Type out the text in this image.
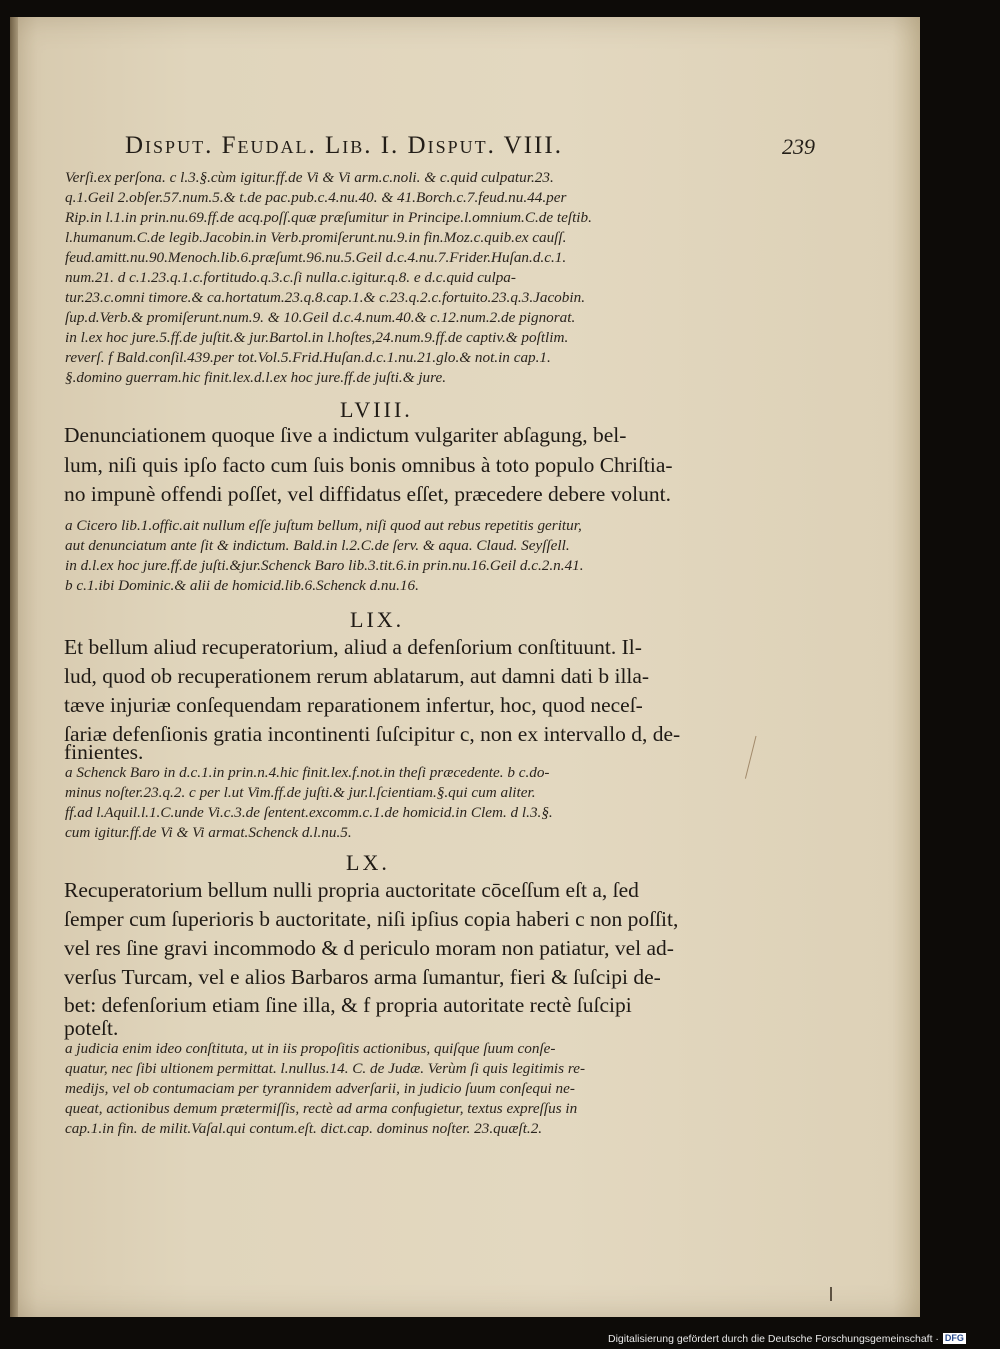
Disput. Feudal. Lib. I. Disput. VIII.	239
Verſi.ex perſona. c l.3.§.cùm igitur.ff.de Vi & Vi arm.c.noli. & c.quid culpatur.23.
q.1.Geil 2.obſer.57.num.5.& t.de pac.pub.c.4.nu.40. & 41.Borch.c.7.feud.nu.44.per
Rip.in l.1.in prin.nu.69.ff.de acq.poſſ.quæ præſumitur in Principe.l.omnium.C.de teſtib.
l.humanum.C.de legib.Jacobin.in Verb.promiſerunt.nu.9.in fin.Moz.c.quib.ex cauſſ.
feud.amitt.nu.90.Menoch.lib.6.præſumt.96.nu.5.Geil d.c.4.nu.7.Frider.Huſan.d.c.1.
num.21. d c.1.23.q.1.c.fortitudo.q.3.c.ſi nulla.c.igitur.q.8. e d.c.quid culpa-
tur.23.c.omni timore.& ca.hortatum.23.q.8.cap.1.& c.23.q.2.c.fortuito.23.q.3.Jacobin.
ſup.d.Verb.& promiſerunt.num.9. & 10.Geil d.c.4.num.40.& c.12.num.2.de pignorat.
in l.ex hoc jure.5.ff.de juſtit.& jur.Bartol.in l.hoſtes,24.num.9.ff.de captiv.& poſtlim.
reverſ. f Bald.conſil.439.per tot.Vol.5.Frid.Huſan.d.c.1.nu.21.glo.& not.in cap.1.
§.domino guerram.hic finit.lex.d.l.ex hoc jure.ff.de juſti.& jure.
LVIII.
Denunciationem quoque ſive a indictum vulgariter abſagung, bel-
lum, niſi quis ipſo facto cum ſuis bonis omnibus à toto populo Chriſtia-
no impunè offendi poſſet, vel diffidatus eſſet, præcedere debere volunt.
a Cicero lib.1.offic.ait nullum eſſe juſtum bellum, niſi quod aut rebus repetitis geritur,
aut denunciatum ante ſit & indictum. Bald.in l.2.C.de ſerv. & aqua. Claud. Seyſſell.
in d.l.ex hoc jure.ff.de juſti.&jur.Schenck Baro lib.3.tit.6.in prin.nu.16.Geil d.c.2.n.41.
b c.1.ibi Dominic.& alii de homicid.lib.6.Schenck d.nu.16.
LIX.
Et bellum aliud recuperatorium, aliud a defenſorium conſtituunt. Il-
lud, quod ob recuperationem rerum ablatarum, aut damni dati b illa-
tæve injuriæ conſequendam reparationem infertur, hoc, quod neceſ-
ſariæ defenſionis gratia incontinenti ſuſcipitur c, non ex intervallo d, de-
finientes.
a Schenck Baro in d.c.1.in prin.n.4.hic finit.lex.f.not.in theſi præcedente. b c.do-
minus noſter.23.q.2. c per l.ut Vim.ff.de juſti.& jur.l.ſcientiam.§.qui cum aliter.
ff.ad l.Aquil.l.1.C.unde Vi.c.3.de ſentent.excomm.c.1.de homicid.in Clem. d l.3.§.
cum igitur.ff.de Vi & Vi armat.Schenck d.l.nu.5.
LX.
Recuperatorium bellum nulli propria auctoritate cōceſſum eſt a, ſed
ſemper cum ſuperioris b auctoritate, niſi ipſius copia haberi c non poſſit,
vel res ſine gravi incommodo & d periculo moram non patiatur, vel ad-
verſus Turcam, vel e alios Barbaros arma ſumantur, fieri & ſuſcipi de-
bet: defenſorium etiam ſine illa, & f propria autoritate rectè ſuſcipi
poteſt.
a judicia enim ideo conſtituta, ut in iis propoſitis actionibus, quiſque ſuum conſe-
quatur, nec ſibi ultionem permittat. l.nullus.14. C. de Judæ. Verùm ſi quis legitimis re-
medijs, vel ob contumaciam per tyrannidem adverſarii, in judicio ſuum conſequi ne-
queat, actionibus demum prætermiſſis, rectè ad arma confugietur, textus expreſſus in
cap.1.in fin. de milit.Vaſal.qui contum.eſt. dict.cap. dominus noſter. 23.quæſt.2.
Digitalisierung gefördert durch die Deutsche Forschungsgemeinschaft · DFG
